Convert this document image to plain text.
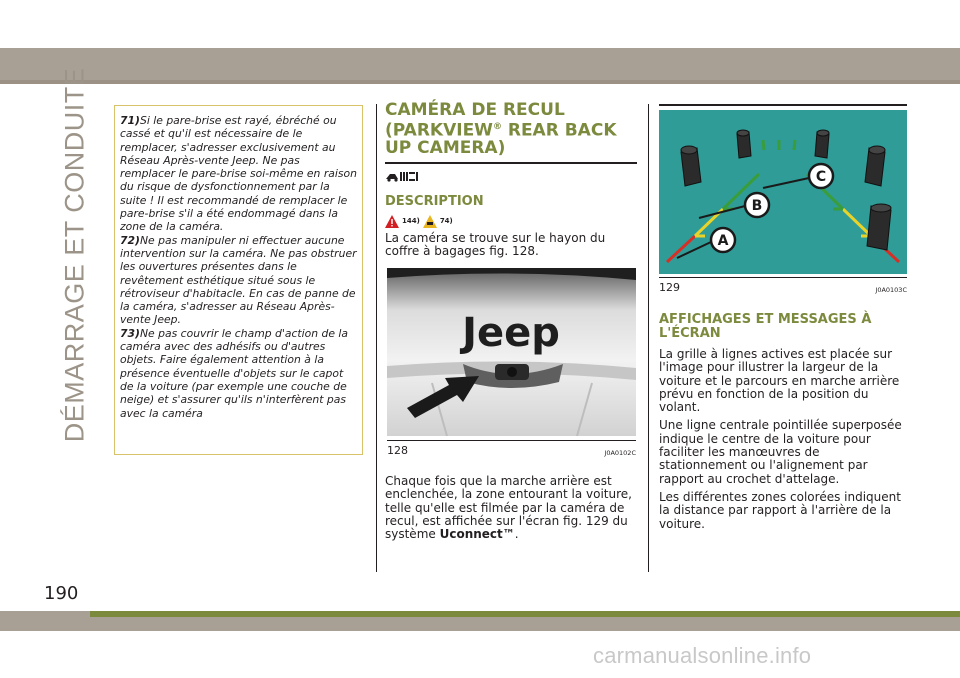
DÉMARRAGE ET CONDUITE
190

71)Si le pare-brise est rayé, ébréché ou cassé et qu'il est nécessaire de le remplacer, s'adresser exclusivement au Réseau Après-vente Jeep. Ne pas remplacer le pare-brise soi-même en raison du risque de dysfonctionnement par la suite ! Il est recommandé de remplacer le pare-brise s'il a été endommagé dans la zone de la caméra.

72)Ne pas manipuler ni effectuer aucune intervention sur la caméra. Ne pas obstruer les ouvertures présentes dans le revêtement esthétique situé sous le rétroviseur d'habitacle. En cas de panne de la caméra, s'adresser au Réseau Après-vente Jeep.

73)Ne pas couvrir le champ d'action de la caméra avec des adhésifs ou d'autres objets. Faire également attention à la présence éventuelle d'objets sur le capot de la voiture (par exemple une couche de neige) et s'assurer qu'ils n'interfèrent pas avec la caméra

CAMÉRA DE RECUL
(PARKVIEW® REAR BACK
UP CAMERA)
DESCRIPTION
144)	74)

La caméra se trouve sur le hayon du coffre à bagages fig. 128.

Jeep
128	J0A0102C

Chaque fois que la marche arrière est enclenchée, la zone entourant la voiture, telle qu'elle est filmée par la caméra de recul, est affichée sur l'écran fig. 129 du système Uconnect™.

C
B
A
129	J0A0103C
AFFICHAGES ET MESSAGES À
L'ÉCRAN

La grille à lignes actives est placée sur l'image pour illustrer la largeur de la voiture et le parcours en marche arrière prévu en fonction de la position du volant.

Une ligne centrale pointillée superposée indique le centre de la voiture pour faciliter les manœuvres de stationnement ou l'alignement par rapport au crochet d'attelage.

Les différentes zones colorées indiquent la distance par rapport à l'arrière de la voiture.

carmanualsonline.info
